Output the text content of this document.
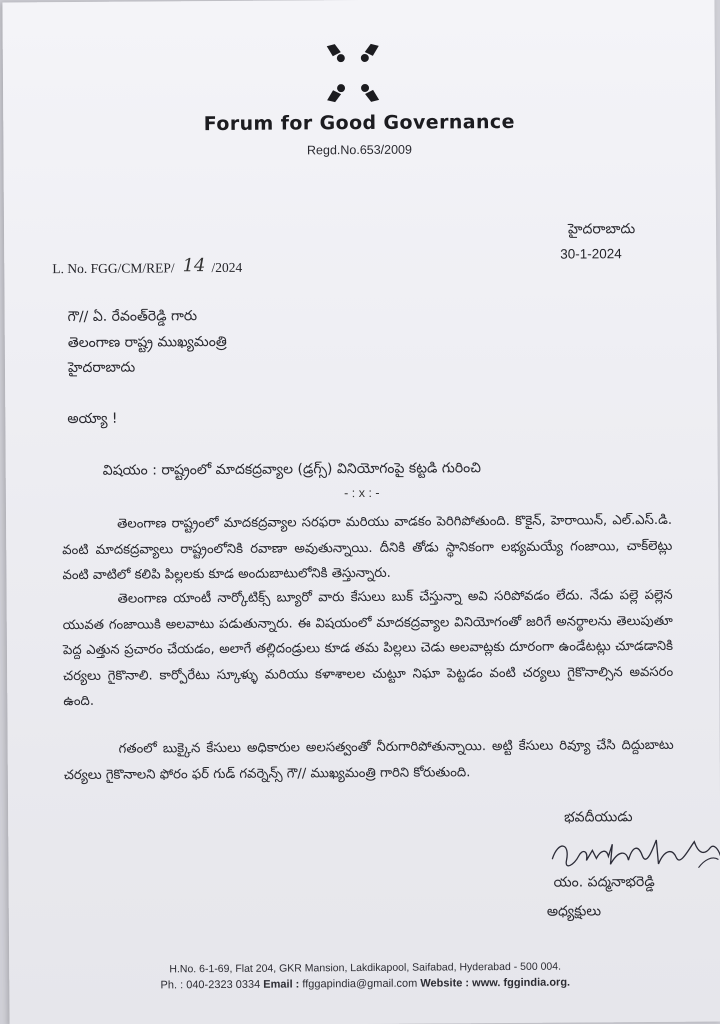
Forum for Good Governance
Regd.No.653/2009
హైదరాబాదు
30-1-2024
L. No. FGG/CM/REP/ 14 /2024
గౌ// ఏ. రేవంత్‌రెడ్డి గారు
తెలంగాణ రాష్ట్ర ముఖ్యమంత్రి
హైదరాబాదు
అయ్యా !
విషయం : రాష్ట్రంలో మాదకద్రవ్యాల (డ్రగ్స్) వినియోగంపై కట్టడి గురించి
- : x : -
తెలంగాణ రాష్ట్రంలో మాదకద్రవ్యాల సరఫరా మరియు వాడకం పెరిగిపోతుంది. కొకైన్, హెరాయిన్, ఎల్.ఎస్.డి. వంటి మాదకద్రవ్యాలు రాష్ట్రంలోనికి రవాణా అవుతున్నాయి. దీనికి తోడు స్థానికంగా లభ్యమయ్యే గంజాయి, చాక్‌లెట్లు వంటి వాటిలో కలిపి పిల్లలకు కూడ అందుబాటులోనికి తెస్తున్నారు.
తెలంగాణ యాంటీ నార్కోటిక్స్ బ్యూరో వారు కేసులు బుక్ చేస్తున్నా అవి సరిపోవడం లేదు. నేడు పల్లె పల్లెన యువత గంజాయికి అలవాటు పడుతున్నారు. ఈ విషయంలో మాదకద్రవ్యాల వినియోగంతో జరిగే అనర్థాలను తెలుపుతూ పెద్ద ఎత్తున ప్రచారం చేయడం, అలాగే తల్లిదండ్రులు కూడ తమ పిల్లలు చెడు అలవాట్లకు దూరంగా ఉండేటట్లు చూడడానికి చర్యలు గైకొనాలి. కార్పోరేటు స్కూళ్ళు మరియు కళాశాలల చుట్టూ నిఘా పెట్టడం వంటి చర్యలు గైకొనాల్సిన అవసరం ఉంది.
గతంలో బుక్కైన కేసులు అధికారుల అలసత్వంతో నీరుగారిపోతున్నాయి. అట్టి కేసులు రివ్యూ చేసి దిద్దుబాటు చర్యలు గైకొనాలని ఫోరం ఫర్ గుడ్ గవర్నెన్స్ గౌ// ముఖ్యమంత్రి గారిని కోరుతుంది.
భవదీయుడు
యం. పద్మనాభరెడ్డి
అధ్యక్షులు
H.No. 6-1-69, Flat 204, GKR Mansion, Lakdikapool, Saifabad, Hyderabad - 500 004.
Ph. : 040-2323 0334 Email : ffggapindia@gmail.com Website : www. fggindia.org.
